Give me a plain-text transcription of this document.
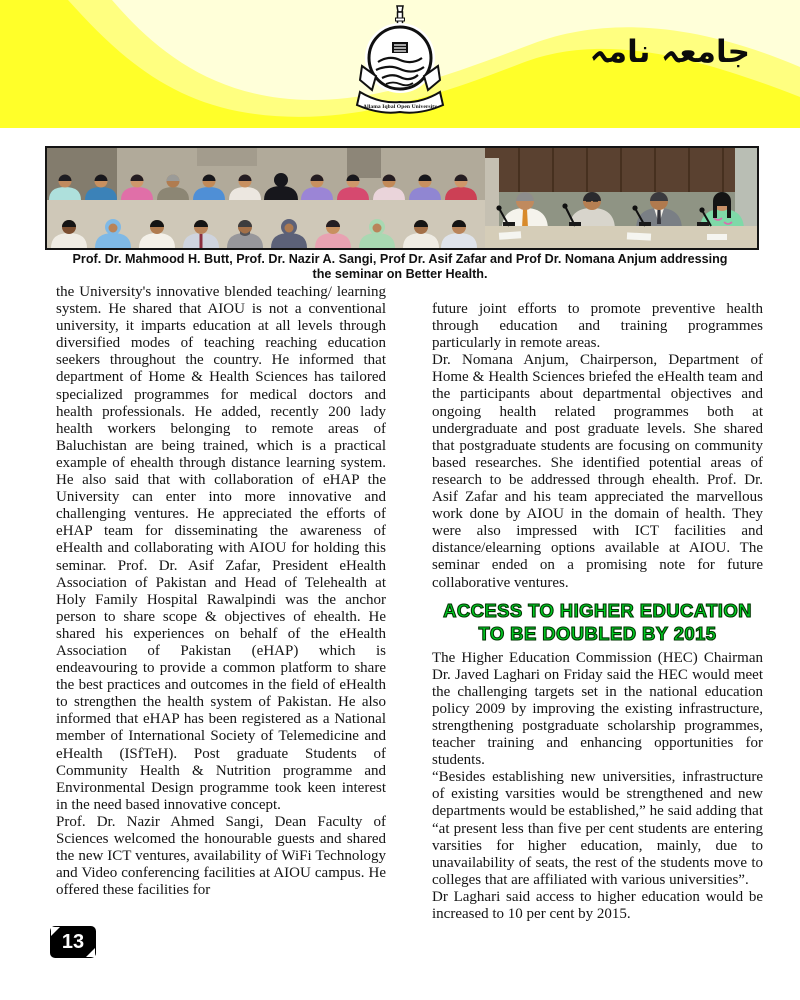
Allama Iqbal Open University
جامعہ نامہ
Prof. Dr. Mahmood H. Butt, Prof. Dr. Nazir A. Sangi, Prof Dr. Asif Zafar and Prof Dr. Nomana Anjum addressing the seminar on Better Health.

the University's innovative blended teaching/ learning system. He shared that AIOU is not a conventional university, it imparts education at all levels through diversified modes of teaching reaching education seekers throughout the country. He informed that department of Home & Health Sciences has tailored specialized programmes for medical doctors and health professionals. He added, recently 200 lady health workers belonging to remote areas of Baluchistan are being trained, which is a practical example of ehealth through distance learning system. He also said that with collaboration of eHAP the University can enter into more innovative and challenging ventures. He appreciated the efforts of eHAP team for disseminating the awareness of eHealth and collaborating with AIOU for holding this seminar. Prof. Dr. Asif Zafar, President eHealth Association of Pakistan and Head of Telehealth at Holy Family Hospital Rawalpindi was the anchor person to share scope & objectives of ehealth. He shared his experiences on behalf of the eHealth Association of Pakistan (eHAP) which is endeavouring to provide a common platform to share the best practices and outcomes in the field of eHealth to strengthen the health system of Pakistan. He also informed that eHAP has been registered as a National member of International Society of Telemedicine and eHealth (ISfTeH). Post graduate Students of Community Health & Nutrition programme and Environmental Design programme took keen interest in the need based innovative concept.

Prof. Dr. Nazir Ahmed Sangi, Dean Faculty of Sciences welcomed the honourable guests and shared the new ICT ventures, availability of WiFi Technology and Video conferencing facilities at AIOU campus. He offered these facilities for

future joint efforts to promote preventive health through education and training programmes particularly in remote areas.

Dr. Nomana Anjum, Chairperson, Department of Home & Health Sciences briefed the eHealth team and the participants about departmental objectives and ongoing health related programmes both at undergraduate and post graduate levels. She shared that postgraduate students are focusing on community based researches. She identified potential areas of research to be addressed through ehealth. Prof. Dr. Asif Zafar and his team appreciated the marvellous work done by AIOU in the domain of health. They were also impressed with ICT facilities and distance/elearning options available at AIOU. The seminar ended on a promising note for future collaborative ventures.

ACCESS TO HIGHER EDUCATION
TO BE DOUBLED BY 2015

The Higher Education Commission (HEC) Chairman Dr. Javed Laghari on Friday said the HEC would meet the challenging targets set in the national education policy 2009 by improving the existing infrastructure, strengthening postgraduate scholarship programmes, teacher training and enhancing opportunities for students.

“Besides establishing new universities, infrastructure of existing varsities would be strengthened and new departments would be established,” he said adding that “at present less than five per cent students are entering varsities for higher education, mainly, due to unavailability of seats, the rest of the students move to colleges that are affiliated with various universities”.

Dr Laghari said access to higher education would be increased to 10 per cent by 2015.

13
